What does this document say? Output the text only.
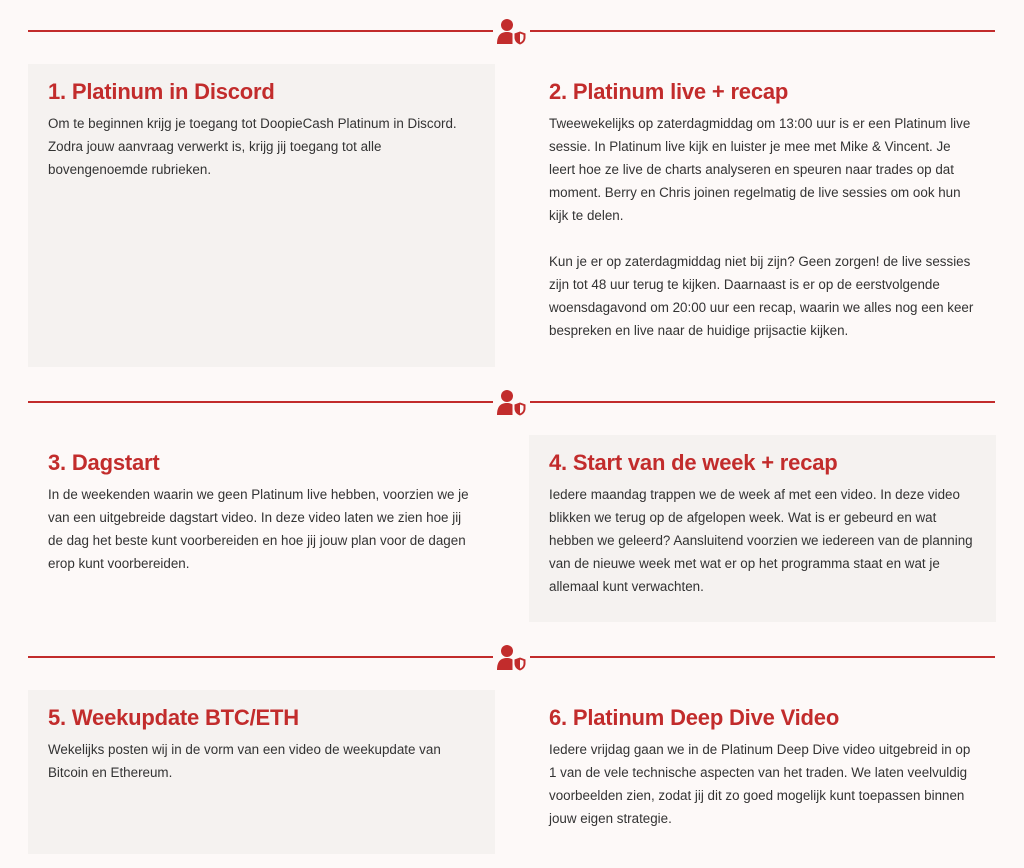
1. Platinum in Discord

Om te beginnen krijg je toegang tot DoopieCash Platinum in Discord. Zodra jouw aanvraag verwerkt is, krijg jij toegang tot alle bovengenoemde rubrieken.

2. Platinum live + recap

Tweewekelijks op zaterdagmiddag om 13:00 uur is er een Platinum live sessie. In Platinum live kijk en luister je mee met Mike & Vincent. Je leert hoe ze live de charts analyseren en speuren naar trades op dat moment. Berry en Chris joinen regelmatig de live sessies om ook hun kijk te delen.

Kun je er op zaterdagmiddag niet bij zijn? Geen zorgen! de live sessies zijn tot 48 uur terug te kijken. Daarnaast is er op de eerstvolgende woensdagavond om 20:00 uur een recap, waarin we alles nog een keer bespreken en live naar de huidige prijsactie kijken.

3. Dagstart

In de weekenden waarin we geen Platinum live hebben, voorzien we je van een uitgebreide dagstart video. In deze video laten we zien hoe jij de dag het beste kunt voorbereiden en hoe jij jouw plan voor de dagen erop kunt voorbereiden.

4. Start van de week + recap

Iedere maandag trappen we de week af met een video. In deze video blikken we terug op de afgelopen week. Wat is er gebeurd en wat hebben we geleerd? Aansluitend voorzien we iedereen van de planning van de nieuwe week met wat er op het programma staat en wat je allemaal kunt verwachten.

5. Weekupdate BTC/ETH

Wekelijks posten wij in de vorm van een video de weekupdate van Bitcoin en Ethereum.

6. Platinum Deep Dive Video

Iedere vrijdag gaan we in de Platinum Deep Dive video uitgebreid in op 1 van de vele technische aspecten van het traden. We laten veelvuldig voorbeelden zien, zodat jij dit zo goed mogelijk kunt toepassen binnen jouw eigen strategie.
